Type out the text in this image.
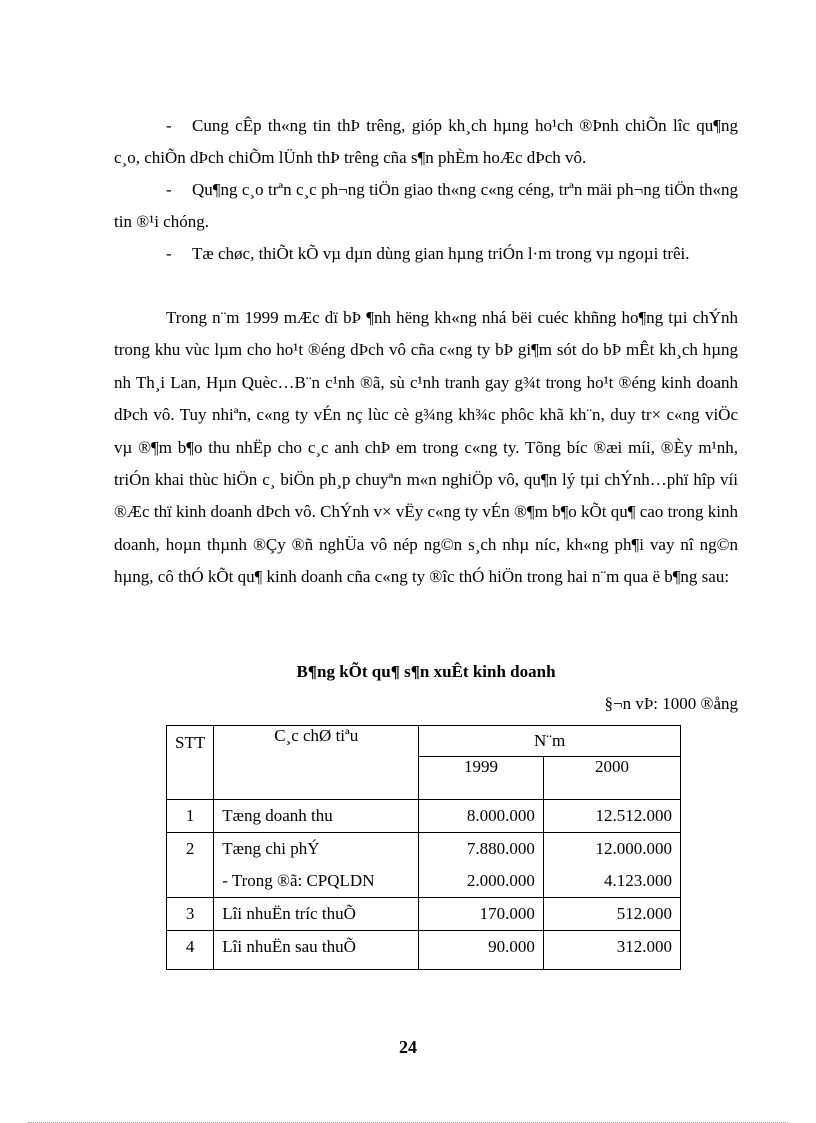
- Cung cÊp th«ng tin thÞ trêng, gióp kh¸ch hµng ho¹ch ®Þnh chiÕn lîc qu¶ng c¸o, chiÕn dÞch chiÕm lÜnh thÞ trêng cña s¶n phÈm hoÆc dÞch vô.

- Qu¶ng c¸o trªn c¸c ph¬ng tiÖn giao th«ng c«ng céng, trªn mäi ph¬ng tiÖn th«ng tin ®¹i chóng.

- Tæ chøc, thiÕt kÕ vµ dµn dùng gian hµng triÓn l·m trong vµ ngoµi trêi.

Trong n¨m 1999 mÆc dï bÞ ¶nh hëng kh«ng nhá bëi cuéc khñng ho¶ng tµi chÝnh trong khu vùc lµm cho ho¹t ®éng dÞch vô cña c«ng ty bÞ gi¶m sót do bÞ mÊt kh¸ch hµng nh Th¸i Lan, Hµn Quèc…B¨n c¹nh ®ã, sù c¹nh tranh gay g¾t trong ho¹t ®éng kinh doanh dÞch vô. Tuy nhiªn, c«ng ty vÉn nç lùc cè g¾ng kh¾c phôc khã kh¨n, duy tr× c«ng viÖc vµ ®¶m b¶o thu nhËp cho c¸c anh chÞ em trong c«ng ty. Tõng bíc ®æi míi, ®Èy m¹nh, triÓn khai thùc hiÖn c¸ biÖn ph¸p chuyªn m«n nghiÖp vô, qu¶n lý tµi chÝnh…phï hîp víi ®Æc thï kinh doanh dÞch vô. ChÝnh v× vËy c«ng ty vÉn ®¶m b¶o kÕt qu¶ cao trong kinh doanh, hoµn thµnh ®Çy ®ñ nghÜa vô nép ng©n s¸ch nhµ níc, kh«ng ph¶i vay nî ng©n hµng, cô thÓ kÕt qu¶ kinh doanh cña c«ng ty ®îc thÓ hiÖn trong hai n¨m qua ë b¶ng sau:

B¶ng kÕt qu¶ s¶n xuÊt kinh doanh
§¬n vÞ: 1000 ®ång
STT	C¸c chØ tiªu	N¨m	
		1999	2000
1	Tæng doanh thu	8.000.000	12.512.000
2	Tæng chi phÝ	7.880.000	12.000.000
	- Trong ®ã: CPQLDN	2.000.000	4.123.000
3	Lîi nhuËn tríc thuÕ	170.000	512.000
4	Lîi nhuËn sau thuÕ	90.000	312.000
24
